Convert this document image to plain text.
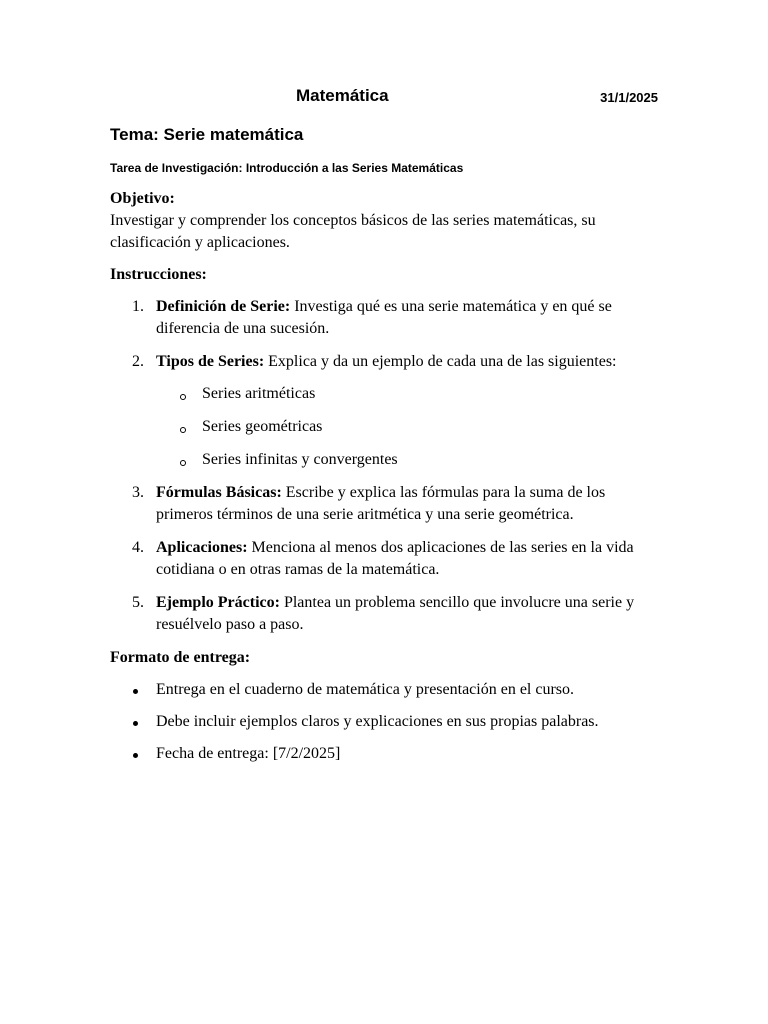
Matemática	31/1/2025
Tema: Serie matemática
Tarea de Investigación: Introducción a las Series Matemáticas
Objetivo:
Investigar y comprender los conceptos básicos de las series matemáticas, su clasificación y aplicaciones.
Instrucciones:
1. Definición de Serie: Investiga qué es una serie matemática y en qué se diferencia de una sucesión.
2. Tipos de Series: Explica y da un ejemplo de cada una de las siguientes:
Series aritméticas
Series geométricas
Series infinitas y convergentes
3. Fórmulas Básicas: Escribe y explica las fórmulas para la suma de los primeros términos de una serie aritmética y una serie geométrica.
4. Aplicaciones: Menciona al menos dos aplicaciones de las series en la vida cotidiana o en otras ramas de la matemática.
5. Ejemplo Práctico: Plantea un problema sencillo que involucre una serie y resuélvelo paso a paso.
Formato de entrega:
Entrega en el cuaderno de matemática y presentación en el curso.
Debe incluir ejemplos claros y explicaciones en sus propias palabras.
Fecha de entrega: [7/2/2025]
